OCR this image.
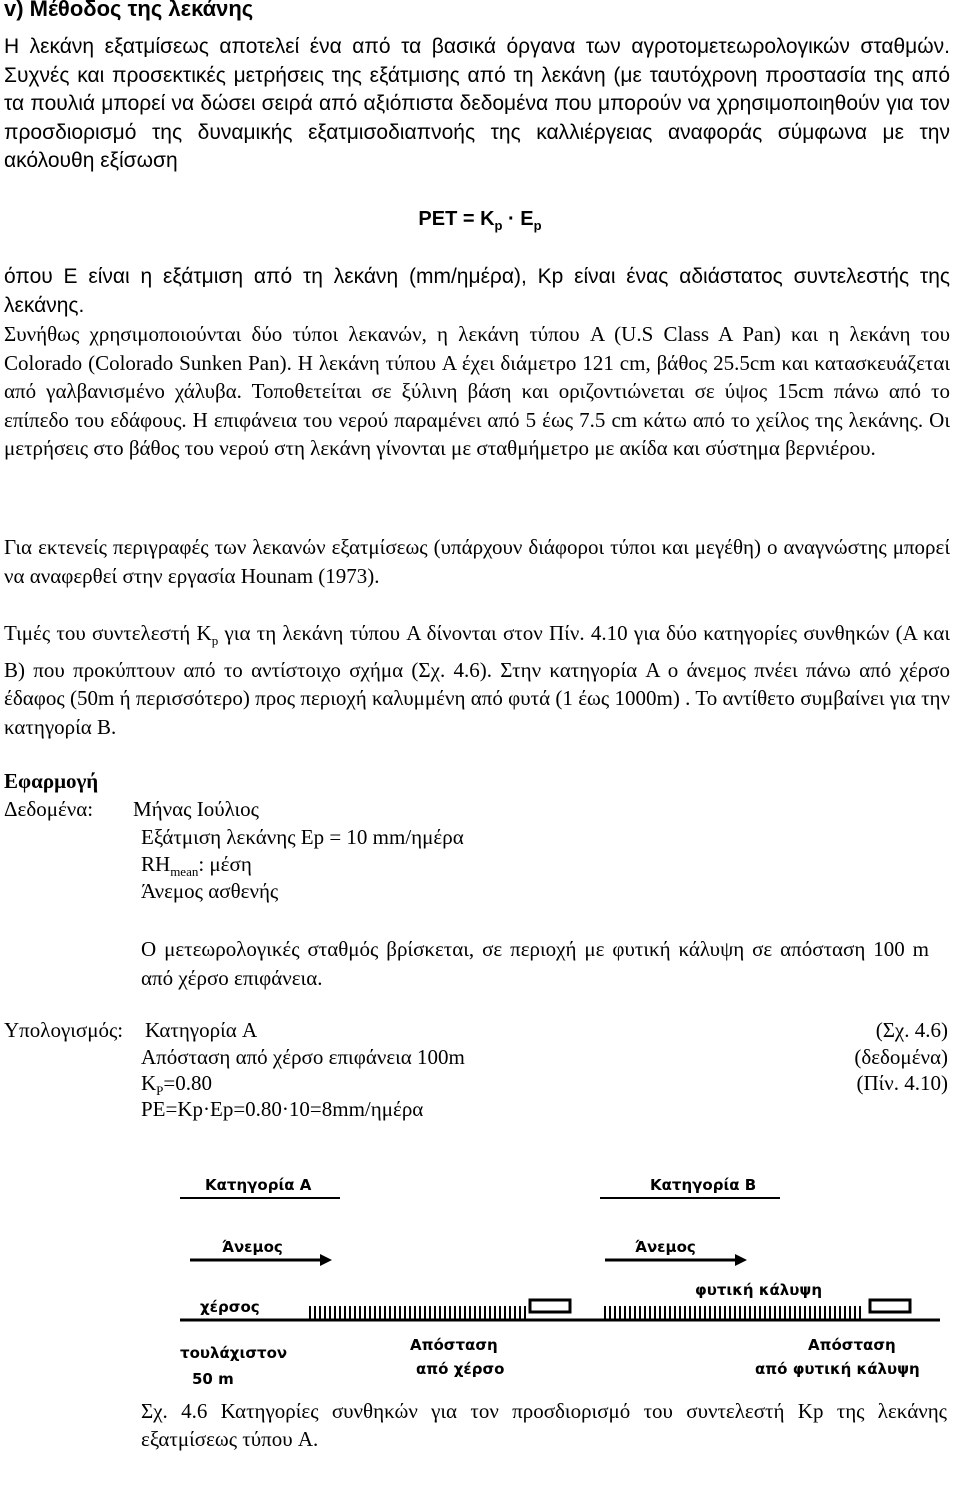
v) Μέθοδος της λεκάνης
Η λεκάνη εξατμίσεως αποτελεί ένα από τα βασικά όργανα των αγροτομετεωρολογικών σταθμών. Συχνές και προσεκτικές μετρήσεις της εξάτμισης από τη λεκάνη (με ταυτόχρονη προστασία της από τα πουλιά μπορεί να δώσει σειρά από αξιόπιστα δεδομένα που μπορούν να χρησιμοποιηθούν για τον προσδιορισμό της δυναμικής εξατμισοδιαπνοής της καλλιέργειας αναφοράς σύμφωνα με την ακόλουθη εξίσωση
PET = $K_p \cdot E_p$
όπου E είναι η εξάτμιση από τη λεκάνη (mm/ημέρα), Kp είναι ένας αδιάστατος συντελεστής της λεκάνης.
Συνήθως χρησιμοποιούνται δύο τύποι λεκανών, η λεκάνη τύπου A (U.S Class A Pan) και η λεκάνη του Colorado (Colorado Sunken Pan). Η λεκάνη τύπου A έχει διάμετρο 121 cm, βάθος 25.5cm και κατασκευάζεται από γαλβανισμένο χάλυβα. Τοποθετείται σε ξύλινη βάση και οριζοντιώνεται σε ύψος 15cm πάνω από το επίπεδο του εδάφους. Η επιφάνεια του νερού παραμένει από 5 έως 7.5 cm κάτω από το χείλος της λεκάνης. Οι μετρήσεις στο βάθος του νερού στη λεκάνη γίνονται με σταθμήμετρο με ακίδα και σύστημα βερνιέρου.
Για εκτενείς περιγραφές των λεκανών εξατμίσεως (υπάρχουν διάφοροι τύποι και μεγέθη) ο αναγνώστης μπορεί να αναφερθεί στην εργασία Hounam (1973).
Τιμές του συντελεστή $K_p$ για τη λεκάνη τύπου A δίνονται στον Πίν. 4.10 για δύο κατηγορίες συνθηκών (A και B) που προκύπτουν από το αντίστοιχο σχήμα (Σχ. 4.6). Στην κατηγορία A ο άνεμος πνέει πάνω από χέρσο έδαφος (50m ή περισσότερο) προς περιοχή καλυμμένη από φυτά (1 έως 1000m) . Το αντίθετο συμβαίνει για την κατηγορία B.
Εφαρμογή
Δεδομένα: Μήνας Ιούλιος
Εξάτμιση λεκάνης Ep = 10 mm/ημέρα
$RH_{mean}$: μέση
Άνεμος ασθενής
Ο μετεωρολογικές σταθμός βρίσκεται, σε περιοχή με φυτική κάλυψη σε απόσταση 100 m από χέρσο επιφάνεια.
Υπολογισμός: Κατηγορία A	(Σχ. 4.6)
Απόσταση από χέρσο επιφάνεια 100m	(δεδομένα)
$K_P=0.80$	(Πίν. 4.10)
PE=Kp·Ep=0.80·10=8mm/ημέρα
Κατηγορία A
Άνεμος
χέρσος
τουλάχιστον
50 m
Απόσταση
από χέρσο
Κατηγορία B
Άνεμος
φυτική κάλυψη
Απόσταση
από φυτική κάλυψη
Σχ. 4.6 Κατηγορίες συνθηκών για τον προσδιορισμό του συντελεστή Kp της λεκάνης εξατμίσεως τύπου A.
